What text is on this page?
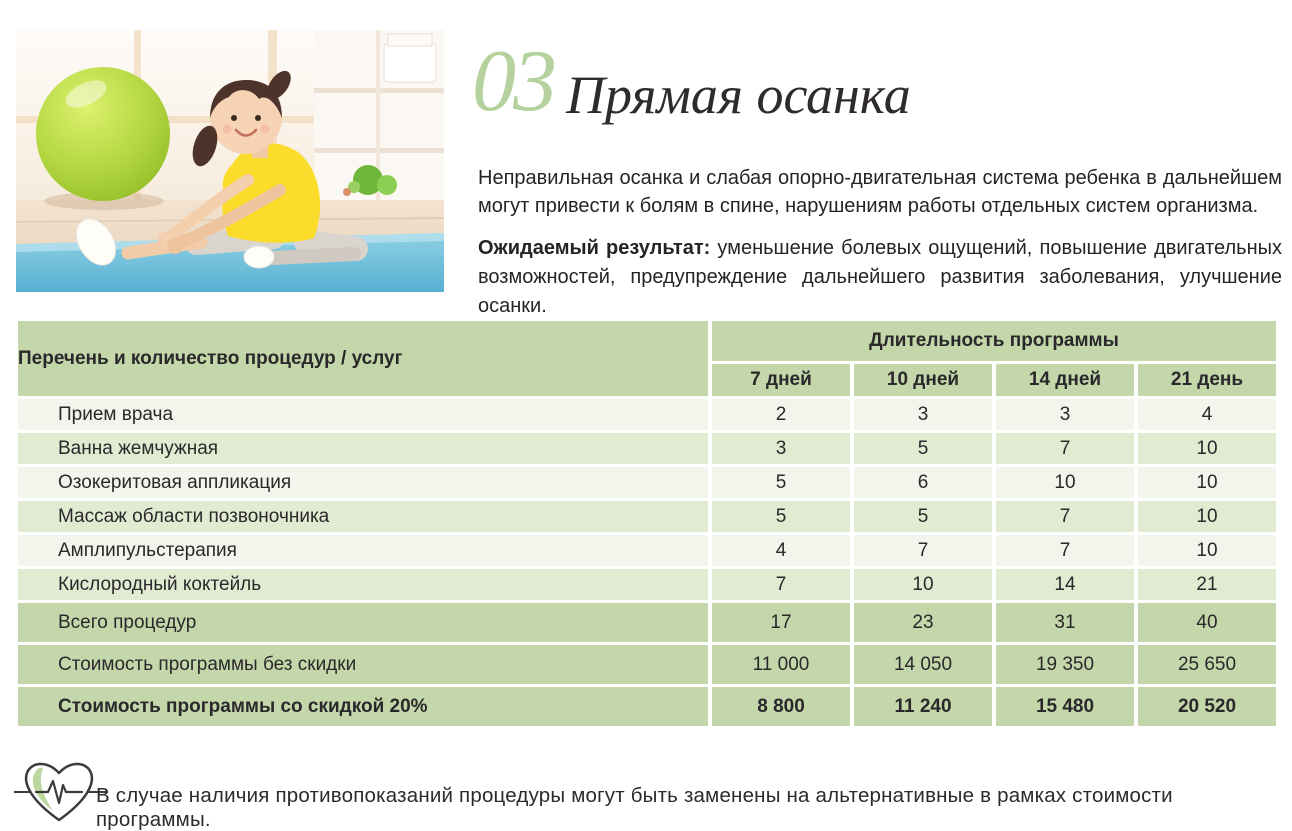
03 Прямая осанка

Неправильная осанка и слабая опорно-двигательная система ребенка в дальнейшем могут привести к болям в спине, нарушениям работы отдельных систем организма.

Ожидаемый результат: уменьшение болевых ощущений, повышение двигательных возможностей, предупреждение дальнейшего развития заболевания, улучшение осанки.

Перечень и количество процедур / услуг	Длительность программы			
	7 дней	10 дней	14 дней	21 день
Прием врача	2	3	3	4
Ванна жемчужная	3	5	7	10
Озокеритовая аппликация	5	6	10	10
Массаж области позвоночника	5	5	7	10
Амплипульстерапия	4	7	7	10
Кислородный коктейль	7	10	14	21
Всего процедур	17	23	31	40
Стоимость программы без скидки	11 000	14 050	19 350	25 650
Стоимость программы со скидкой 20%	8 800	11 240	15 480	20 520
В случае наличия противопоказаний процедуры могут быть заменены на альтернативные в рамках стоимости программы.
